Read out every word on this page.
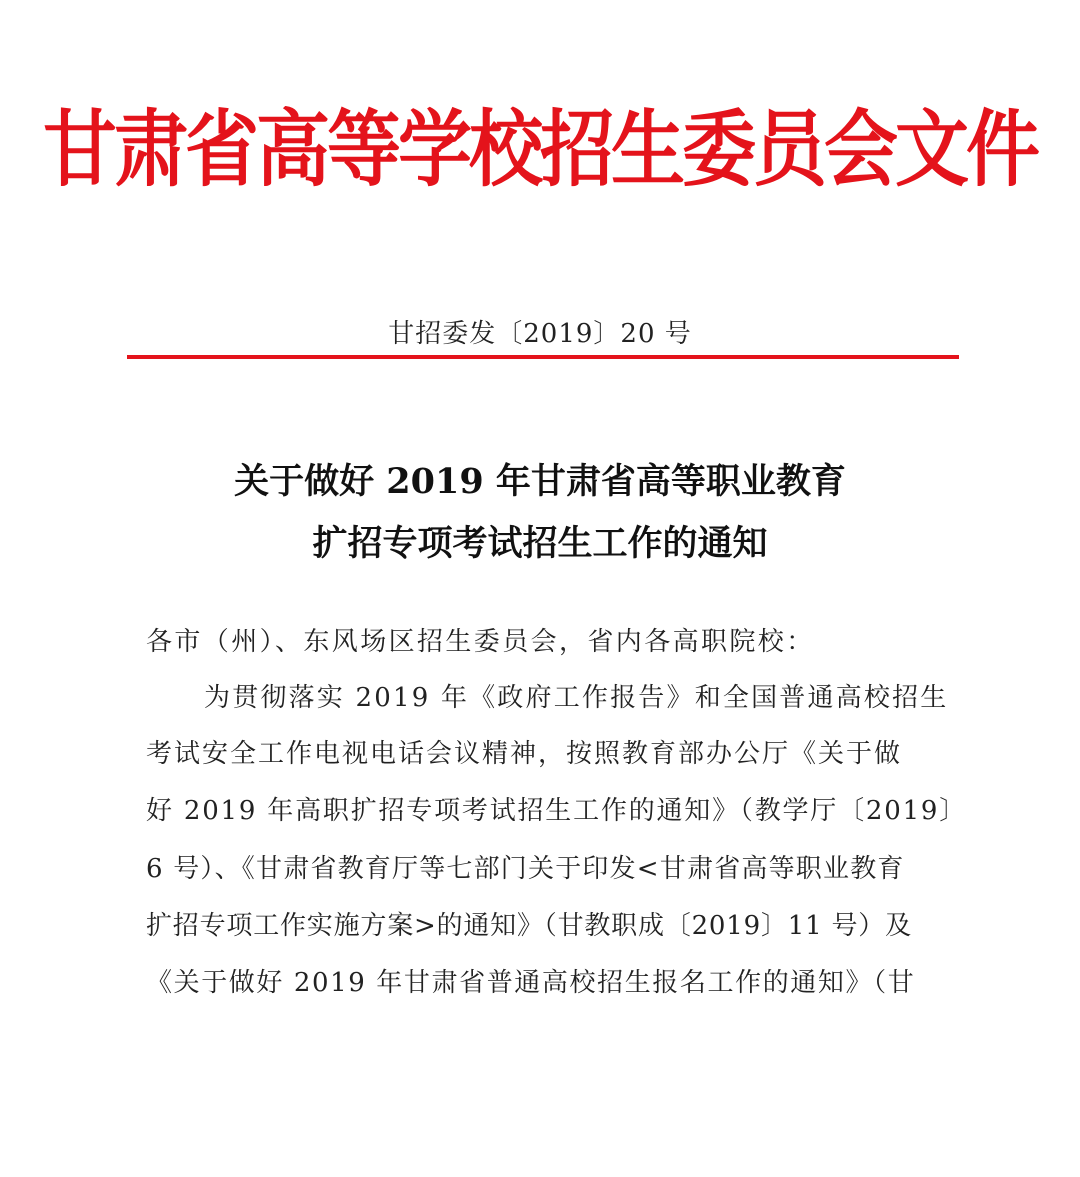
甘肃省高等学校招生委员会文件
甘招委发〔2019〕20 号
关于做好 2019 年甘肃省高等职业教育
扩招专项考试招生工作的通知
各市（州）、东风场区招生委员会，省内各高职院校：
为贯彻落实 2019 年《政府工作报告》和全国普通高校招生
考试安全工作电视电话会议精神，按照教育部办公厅《关于做
好 2019 年高职扩招专项考试招生工作的通知》（教学厅〔2019〕
6 号）、《甘肃省教育厅等七部门关于印发<甘肃省高等职业教育
扩招专项工作实施方案>的通知》（甘教职成〔2019〕11 号）及
《关于做好 2019 年甘肃省普通高校招生报名工作的通知》（甘
